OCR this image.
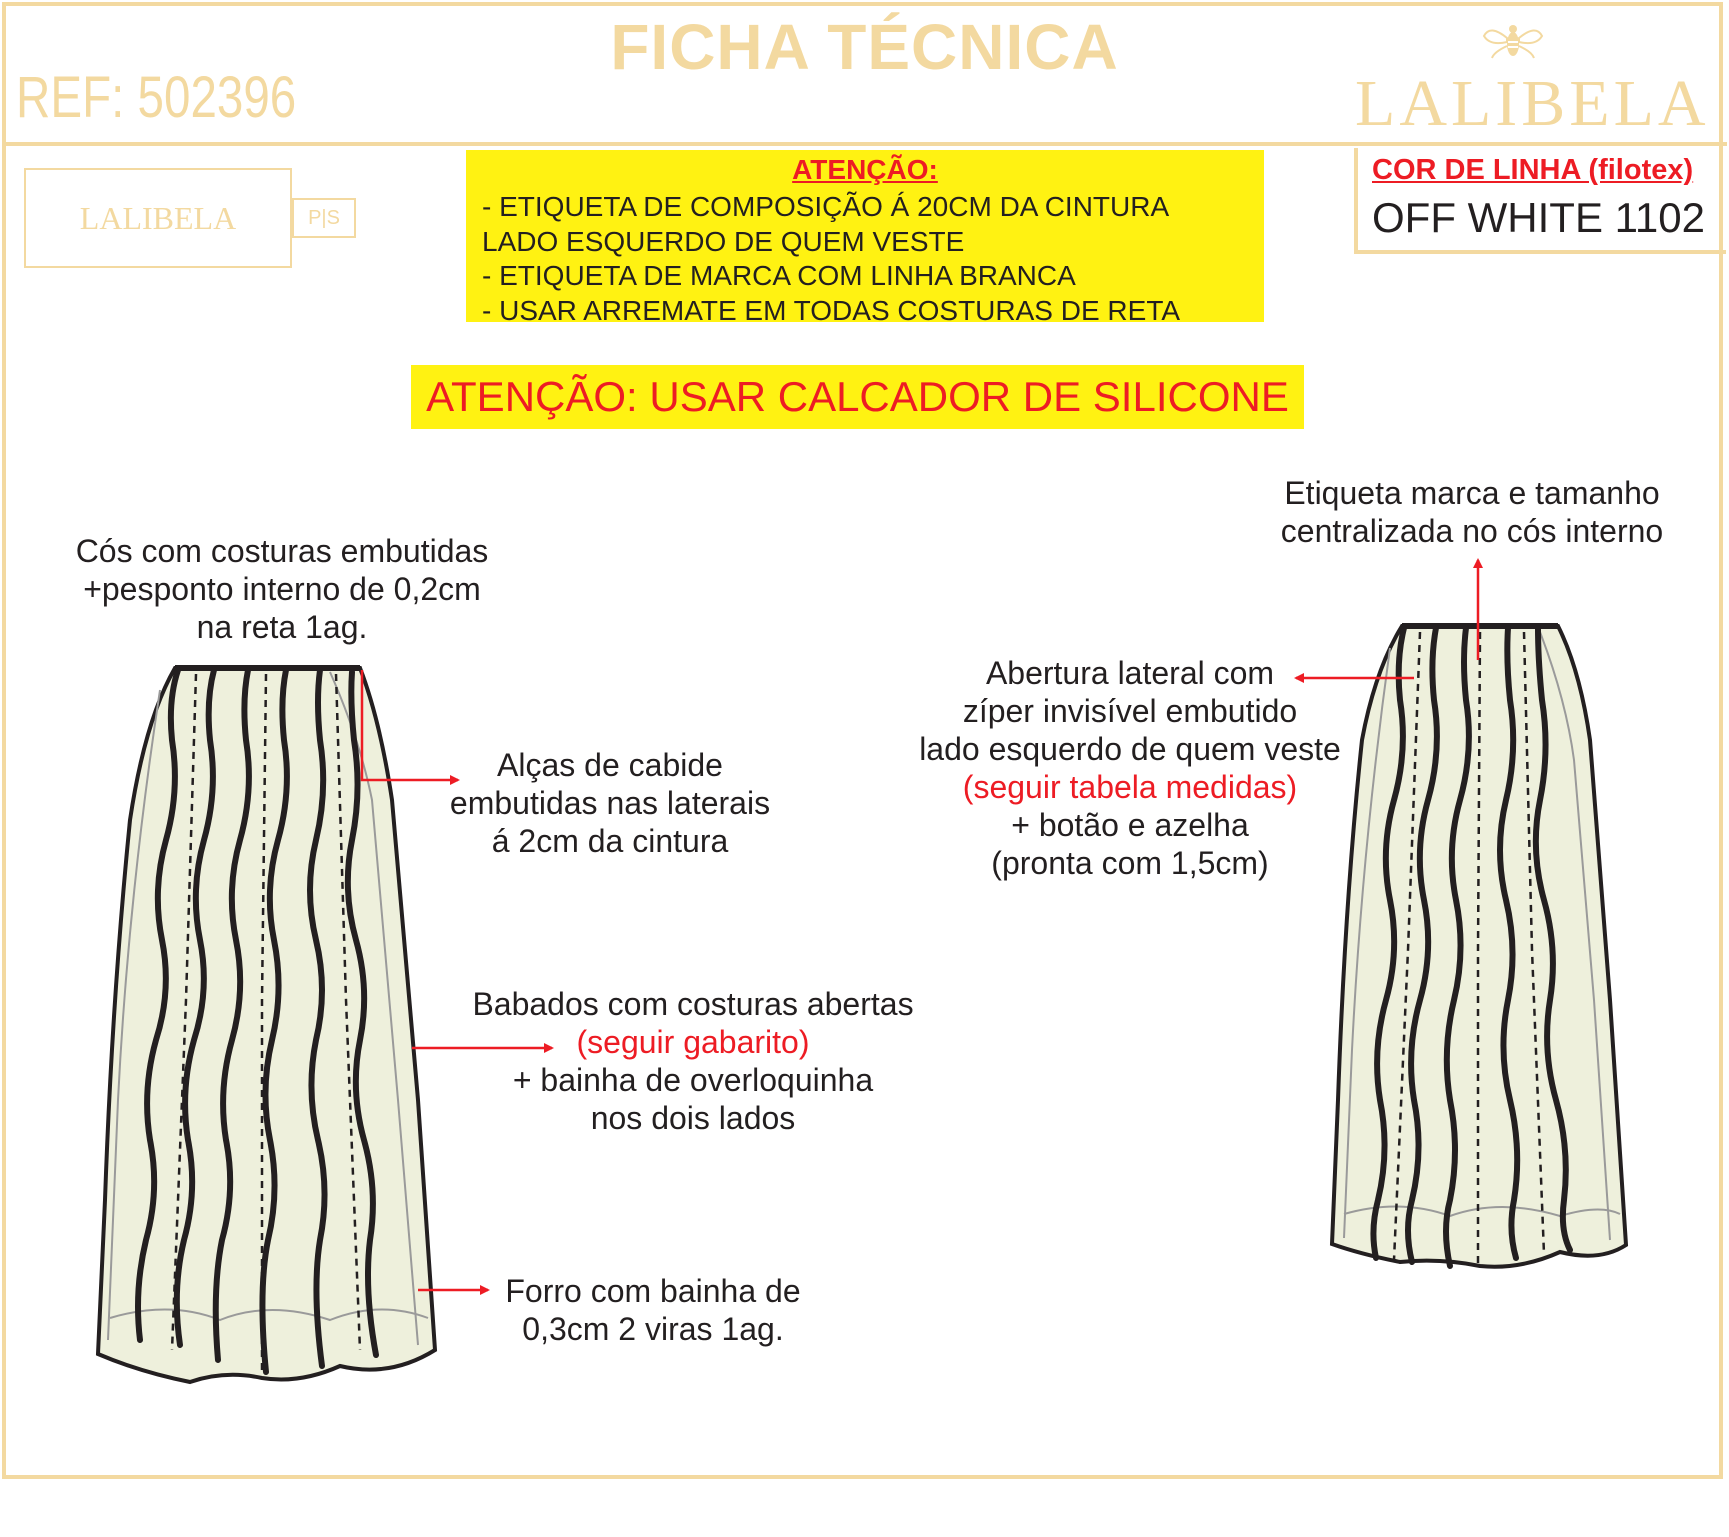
FICHA TÉCNICA
REF: 502396	LALIBELA
LALIBELA	P|S
ATENÇÃO:
- ETIQUETA DE COMPOSIÇÃO Á 20CM DA CINTURA
LADO ESQUERDO DE QUEM VESTE
- ETIQUETA DE MARCA COM LINHA BRANCA
- USAR ARREMATE EM TODAS COSTURAS DE RETA
COR DE LINHA (filotex)
OFF WHITE 1102
ATENÇÃO: USAR CALCADOR DE SILICONE
Cós com costuras embutidas
+pesponto interno de 0,2cm
na reta 1ag.
Alças de cabide
embutidas nas laterais
á 2cm da cintura
Babados com costuras abertas
(seguir gabarito)
+ bainha de overloquinha
nos dois lados
Forro com bainha de
0,3cm 2 viras 1ag.
Etiqueta marca e tamanho
centralizada no cós interno
Abertura lateral com
zíper invisível embutido
lado esquerdo de quem veste
(seguir tabela medidas)
+ botão e azelha
(pronta com 1,5cm)
